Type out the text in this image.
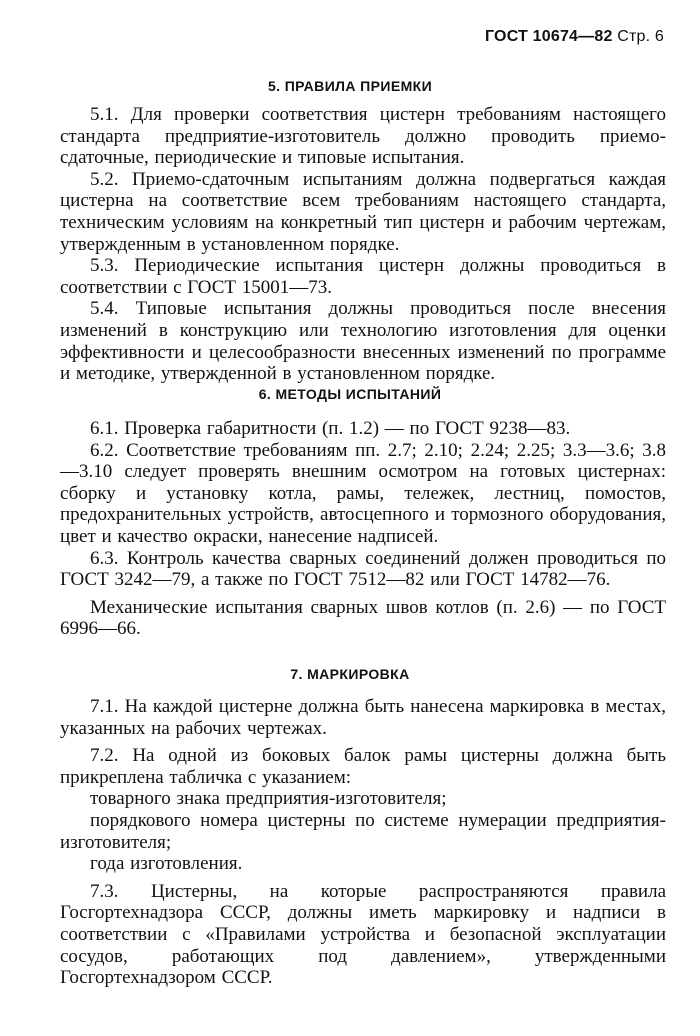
ГОСТ 10674—82 Стр. 6
5. ПРАВИЛА ПРИЕМКИ

5.1. Для проверки соответствия цистерн требованиям настоящего стандарта предприятие-изготовитель должно проводить приемо-сдаточные, периодические и типовые испытания.

5.2. Приемо-сдаточным испытаниям должна подвергаться каждая цистерна на соответствие всем требованиям настоящего стандарта, техническим условиям на конкретный тип цистерн и рабочим чертежам, утвержденным в установленном порядке.

5.3. Периодические испытания цистерн должны проводиться в соответствии с ГОСТ 15001—73.

5.4. Типовые испытания должны проводиться после внесения изменений в конструкцию или технологию изготовления для оценки эффективности и целесообразности внесенных изменений по программе и методике, утвержденной в установленном порядке.

6. МЕТОДЫ ИСПЫТАНИЙ

6.1. Проверка габаритности (п. 1.2) — по ГОСТ 9238—83.

6.2. Соответствие требованиям пп. 2.7; 2.10; 2.24; 2.25; 3.3—3.6; 3.8—3.10 следует проверять внешним осмотром на готовых цистернах: сборку и установку котла, рамы, тележек, лестниц, помостов, предохранительных устройств, автосцепного и тормозного оборудования, цвет и качество окраски, нанесение надписей.

6.3. Контроль качества сварных соединений должен проводиться по ГОСТ 3242—79, а также по ГОСТ 7512—82 или ГОСТ 14782—76.

Механические испытания сварных швов котлов (п. 2.6) — по ГОСТ 6996—66.

7. МАРКИРОВКА

7.1. На каждой цистерне должна быть нанесена маркировка в местах, указанных на рабочих чертежах.

7.2. На одной из боковых балок рамы цистерны должна быть прикреплена табличка с указанием:

товарного знака предприятия-изготовителя;

порядкового номера цистерны по системе нумерации предприятия-изготовителя;

года изготовления.

7.3. Цистерны, на которые распространяются правила Госгортехнадзора СССР, должны иметь маркировку и надписи в соответствии с «Правилами устройства и безопасной эксплуатации сосудов, работающих под давлением», утвержденными Госгортехнадзором СССР.
